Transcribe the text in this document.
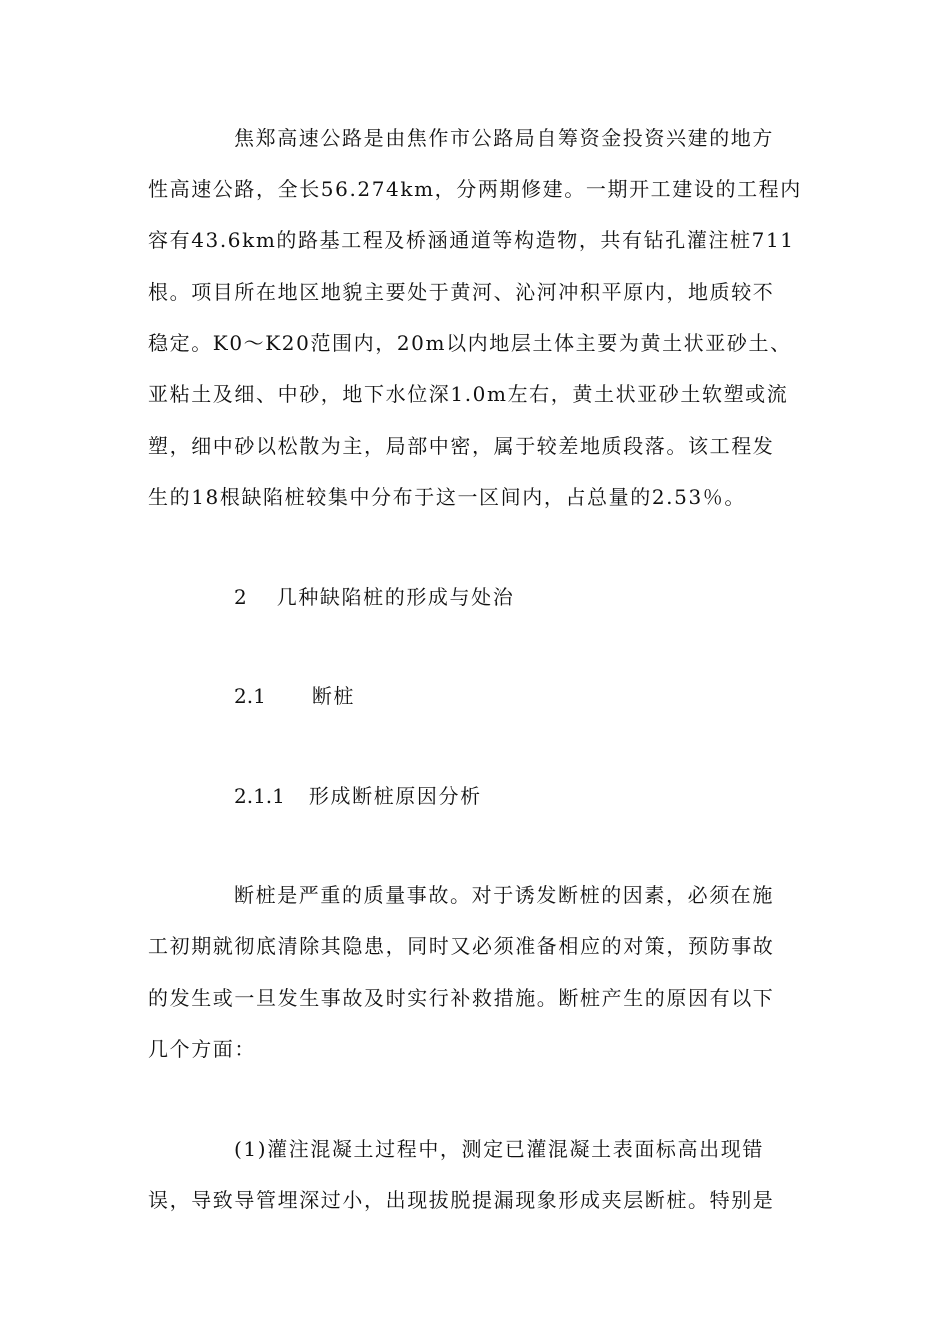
焦郑高速公路是由焦作市公路局自筹资金投资兴建的地方
性高速公路，全长56.274km，分两期修建。一期开工建设的工程内
容有43.6km的路基工程及桥涵通道等构造物，共有钻孔灌注桩711
根。项目所在地区地貌主要处于黄河、沁河冲积平原内，地质较不
稳定。K0～K20范围内，20m以内地层土体主要为黄土状亚砂土、
亚粘土及细、中砂，地下水位深1.0m左右，黄土状亚砂土软塑或流
塑，细中砂以松散为主，局部中密，属于较差地质段落。该工程发
生的18根缺陷桩较集中分布于这一区间内，占总量的2.53％。
2 几种缺陷桩的形成与处治
2.1 断桩
2.1.1 形成断桩原因分析
断桩是严重的质量事故。对于诱发断桩的因素，必须在施
工初期就彻底清除其隐患，同时又必须准备相应的对策，预防事故
的发生或一旦发生事故及时实行补救措施。断桩产生的原因有以下
几个方面：
(1)灌注混凝土过程中，测定已灌混凝土表面标高出现错
误，导致导管埋深过小，出现拔脱提漏现象形成夹层断桩。特别是
